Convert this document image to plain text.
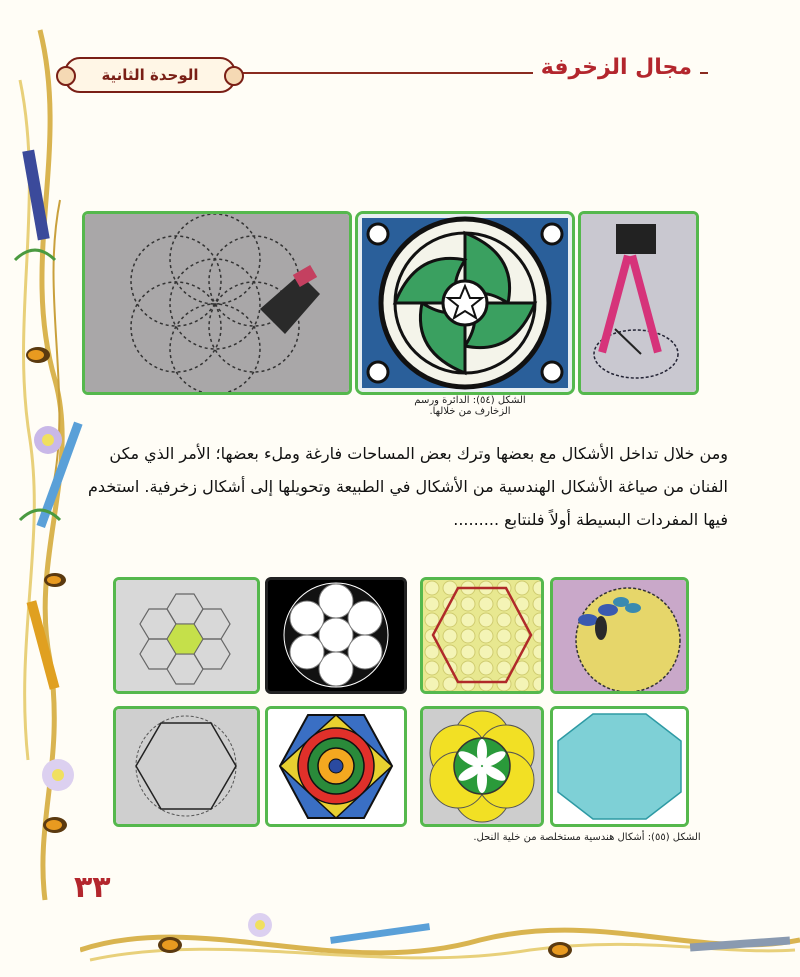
الوحدة الثانية	مجال الزخرفة
الشكل (٥٤): الدائرة ورسم الزخارف من خلالها.

ومن خلال تداخل الأشكال مع بعضها وترك بعض المساحات فارغة وملء بعضها؛ الأمر الذي مكن

الفنان من صياغة الأشكال الهندسية من الأشكال في الطبيعة وتحويلها إلى أشكال زخرفية. استخدم

فيها المفردات البسيطة أولاً فلنتابع .........

الشكل (٥٥): أشكال هندسية مستخلصة من خلية النحل.
٣٣
